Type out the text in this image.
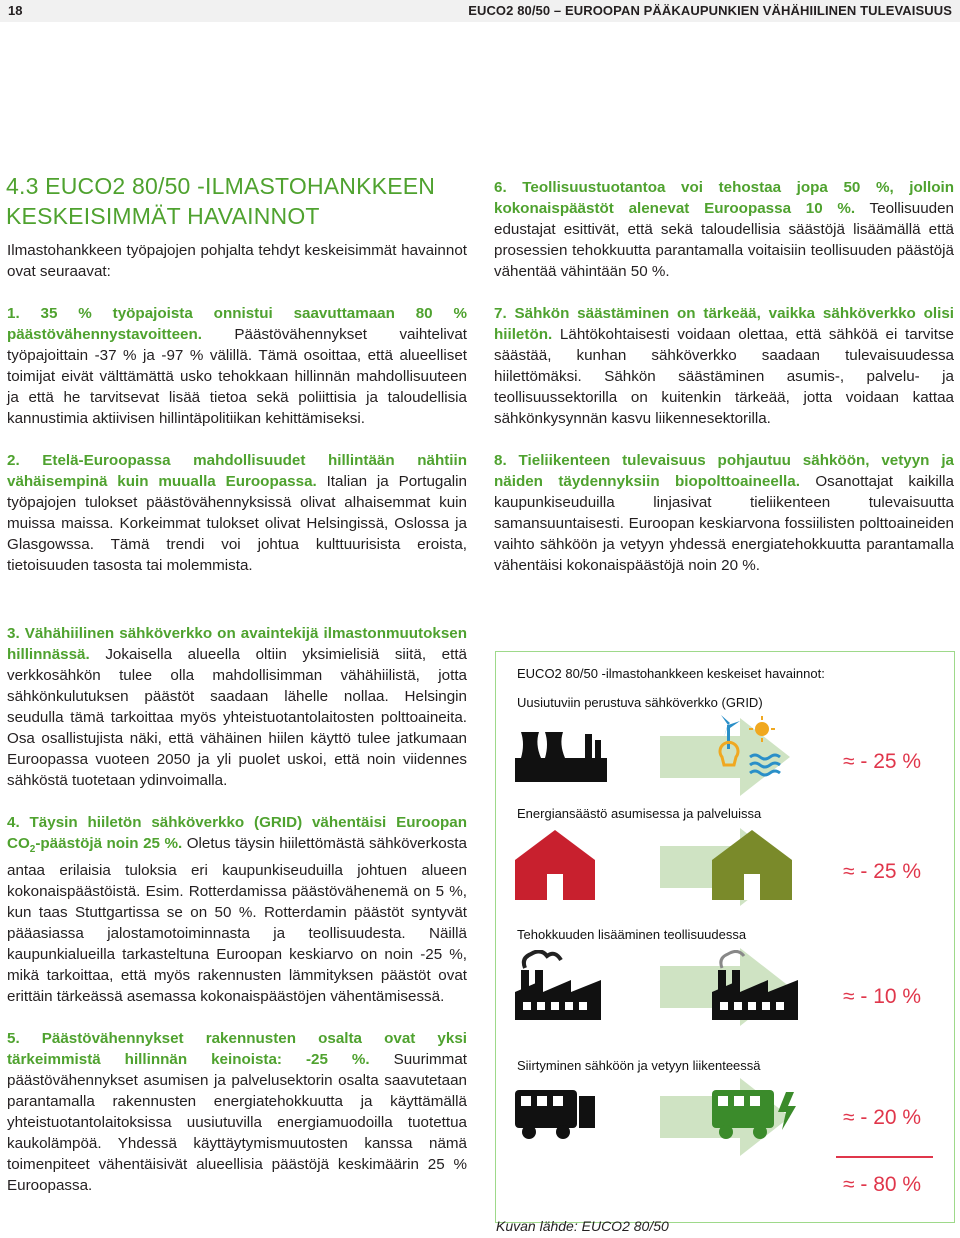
18	EUCO2 80/50 – EUROOPAN PÄÄKAUPUNKIEN VÄHÄHIILINEN TULEVAISUUS
4.3 EUCO2 80/50 -ILMASTOHANKKEEN
KESKEISIMMÄT HAVAINNOT

Ilmastohankkeen työpajojen pohjalta tehdyt keskeisimmät havainnot ovat seuraavat:

1. 35 % työpajoista onnistui saavuttamaan 80 % päästövähennystavoitteen. Päästövähennykset vaihtelivat työpajoittain -37 % ja -97 % välillä. Tämä osoittaa, että alueelliset toimijat eivät välttämättä usko tehokkaan hillinnän mahdollisuuteen ja että he tarvitsevat lisää tietoa sekä poliittisia ja taloudellisia kannustimia aktiivisen hillintäpolitiikan kehittämiseksi.

2. Etelä-Euroopassa mahdollisuudet hillintään nähtiin vähäisempinä kuin muualla Euroopassa. Italian ja Portugalin työpajojen tulokset päästövähennyksissä olivat alhaisemmat kuin muissa maissa. Korkeimmat tulokset olivat Helsingissä, Oslossa ja Glasgowssa. Tämä trendi voi johtua kulttuurisista eroista, tietoisuuden tasosta tai molemmista.

3. Vähähiilinen sähköverkko on avaintekijä ilmastonmuutoksen hillinnässä. Jokaisella alueella oltiin yksimielisiä siitä, että verkkosähkön tulee olla mahdollisimman vähähiilistä, jotta sähkönkulutuksen päästöt saadaan lähelle nollaa. Helsingin seudulla tämä tarkoittaa myös yhteistuotantolaitosten polttoaineita. Osa osallistujista näki, että vähäinen hiilen käyttö tulee jatkumaan Euroopassa vuoteen 2050 ja yli puolet uskoi, että noin viidennes sähköstä tuotetaan ydinvoimalla.

4. Täysin hiiletön sähköverkko (GRID) vähentäisi Euroopan $CO_2$-päästöjä noin 25 %. Oletus täysin hiilettömästä sähköverkosta antaa erilaisia tuloksia eri kaupunkiseuduilla johtuen alueen kokonaispäästöistä. Esim. Rotterdamissa päästövähenemä on 5 %, kun taas Stuttgartissa se on 50 %. Rotterdamin päästöt syntyvät pääasiassa jalostamotoiminnasta ja teollisuudesta. Näillä kaupunkialueilla tarkasteltuna Euroopan keskiarvo on noin -25 %, mikä tarkoittaa, että myös rakennusten lämmityksen päästöt ovat erittäin tärkeässä asemassa kokonaispäästöjen vähentämisessä.

5. Päästövähennykset rakennusten osalta ovat yksi tärkeimmistä hillinnän keinoista: -25 %. Suurimmat päästövähennykset asumisen ja palvelusektorin osalta saavutetaan parantamalla rakennusten energiatehokkuutta ja käyttämällä yhteistuotantolaitoksissa uusiutuvilla energiamuodoilla tuotettua kaukolämpöä. Yhdessä käyttäytymismuutosten kanssa nämä toimenpiteet vähentäisivät alueellisia päästöjä keskimäärin 25 % Euroopassa.

6. Teollisuustuotantoa voi tehostaa jopa 50 %, jolloin kokonaispäästöt alenevat Euroopassa 10 %. Teollisuuden edustajat esittivät, että sekä taloudellisia säästöjä lisäämällä että prosessien tehokkuutta parantamalla voitaisiin teollisuuden päästöjä vähentää vähintään 50 %.

7. Sähkön säästäminen on tärkeää, vaikka sähköverkko olisi hiiletön. Lähtökohtaisesti voidaan olettaa, että sähköä ei tarvitse säästää, kunhan sähköverkko saadaan tulevaisuudessa hiilettömäksi. Sähkön säästäminen asumis-, palvelu- ja teollisuussektorilla on kuitenkin tärkeää, jotta voidaan kattaa sähkönkysynnän kasvu liikennesektorilla.

8. Tieliikenteen tulevaisuus pohjautuu sähköön, vetyyn ja näiden täydennyksiin biopolttoaineella. Osanottajat kaikilla kaupunkiseuduilla linjasivat tieliikenteen tulevaisuutta samansuuntaisesti. Euroopan keskiarvona fossiilisten polttoaineiden vaihto sähköön ja vetyyn yhdessä energiatehokkuutta parantamalla vähentäisi kokonaispäästöjä noin 20 %.

EUCO2 80/50 -ilmastohankkeen keskeiset havainnot:
Uusiutuviin perustuva sähköverkko (GRID)
≈ - 25 %
Energiansäästö asumisessa ja palveluissa
≈ - 25 %
Tehokkuuden lisääminen teollisuudessa
≈ - 10 %
Siirtyminen sähköön ja vetyyn liikenteessä
≈ - 20 %
≈ - 80 %
Kuvan lähde: EUCO2 80/50
